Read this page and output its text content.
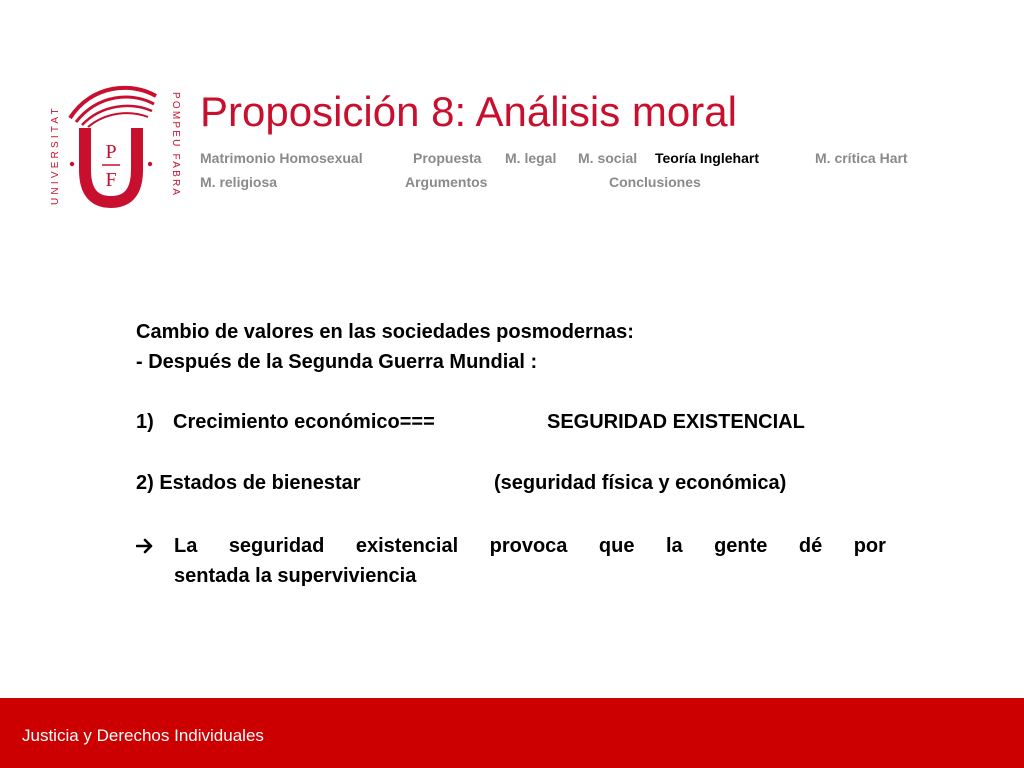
UNIVERSITAT	POMPEU FABRA
P
F
Proposición 8: Análisis moral
Matrimonio Homosexual	Propuesta M. legal M. social Teoría Inglehart	M. crítica Hart
M. religiosa	Argumentos	Conclusiones
Cambio de valores en las sociedades posmodernas:
- Después de la Segunda Guerra Mundial :
1) Crecimiento económico===	SEGURIDAD EXISTENCIAL
2) Estados de bienestar	(seguridad física y económica)
La seguridad existencial provoca que la gente dé por
sentada la superviviencia
Justicia y Derechos Individuales
